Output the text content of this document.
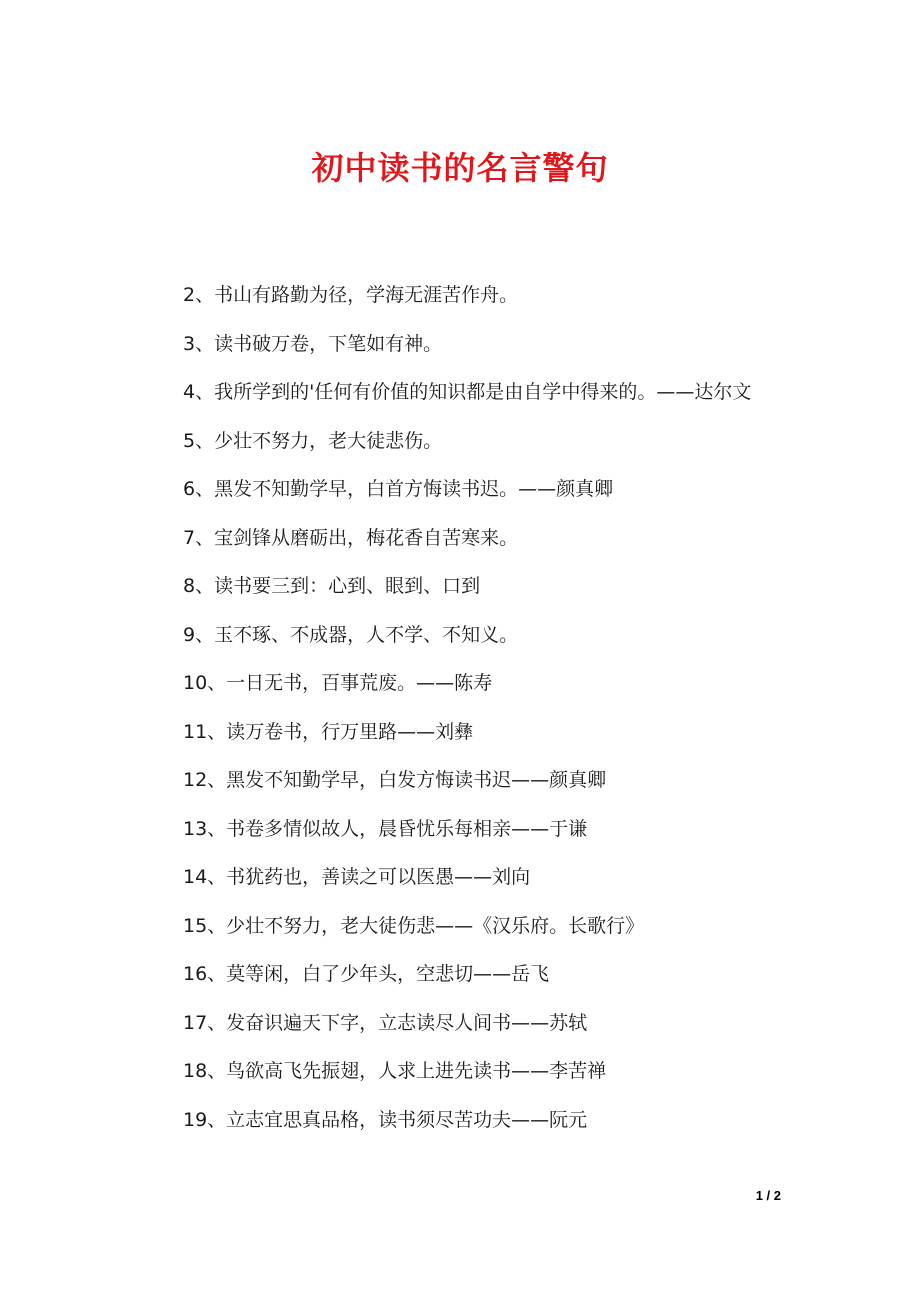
初中读书的名言警句

2、书山有路勤为径，学海无涯苦作舟。

3、读书破万卷，下笔如有神。

4、我所学到的'任何有价值的知识都是由自学中得来的。——达尔文

5、少壮不努力，老大徒悲伤。

6、黑发不知勤学早，白首方悔读书迟。——颜真卿

7、宝剑锋从磨砺出，梅花香自苦寒来。

8、读书要三到：心到、眼到、口到

9、玉不琢、不成器，人不学、不知义。

10、一日无书，百事荒废。——陈寿

11、读万卷书，行万里路——刘彝

12、黑发不知勤学早，白发方悔读书迟——颜真卿

13、书卷多情似故人，晨昏忧乐每相亲——于谦

14、书犹药也，善读之可以医愚——刘向

15、少壮不努力，老大徒伤悲——《汉乐府。长歌行》

16、莫等闲，白了少年头，空悲切——岳飞

17、发奋识遍天下字，立志读尽人间书——苏轼

18、鸟欲高飞先振翅，人求上进先读书——李苦禅

19、立志宜思真品格，读书须尽苦功夫——阮元

1 / 2
